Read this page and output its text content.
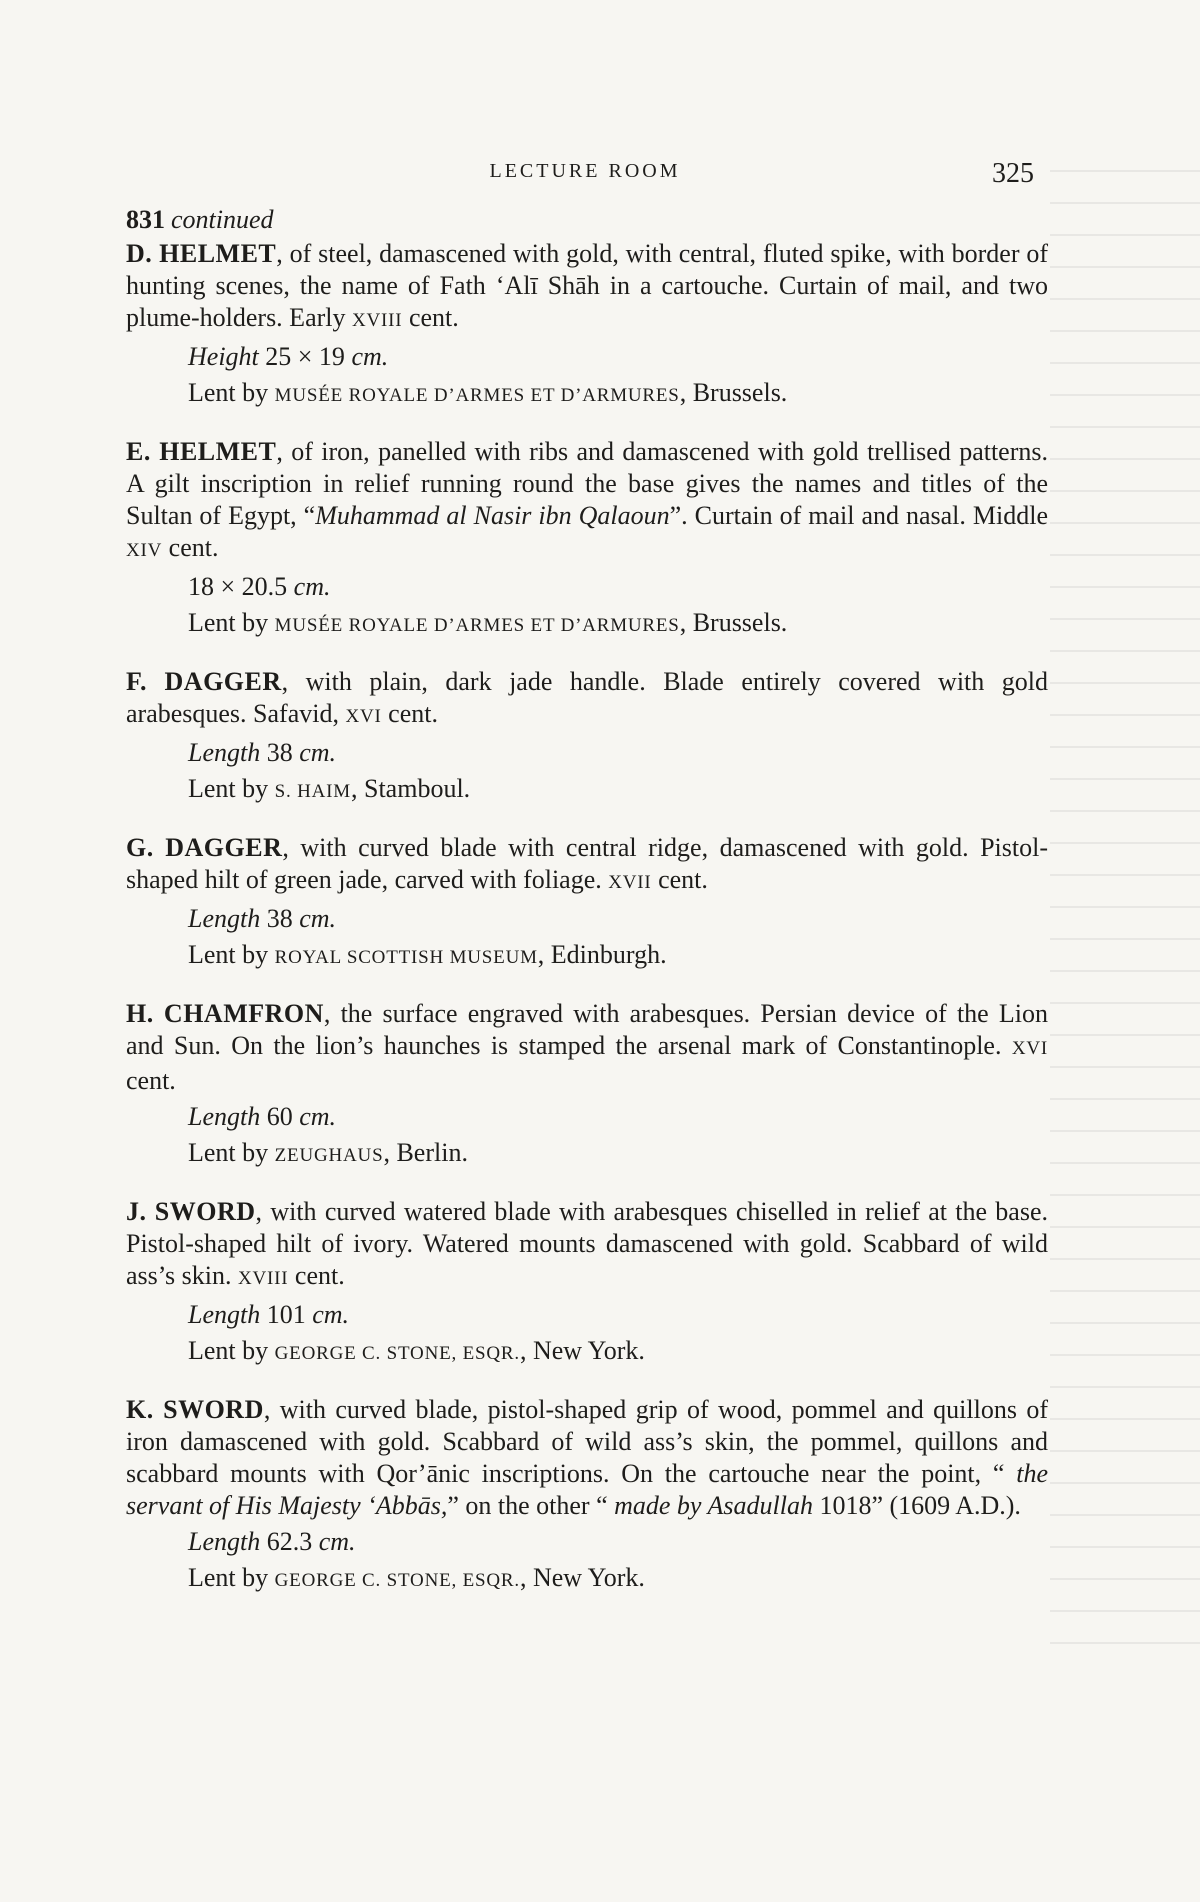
LECTURE ROOM	325
831 continued

D. HELMET, of steel, damascened with gold, with central, fluted spike, with border of hunting scenes, the name of Fath ‘Alī Shāh in a cartouche. Curtain of mail, and two plume-holders. Early XVIII cent.

Height 25 × 19 cm.
Lent by MUSÉE ROYALE D’ARMES ET D’ARMURES, Brussels.

E. HELMET, of iron, panelled with ribs and damascened with gold trellised patterns. A gilt inscription in relief running round the base gives the names and titles of the Sultan of Egypt, “Muhammad al Nasir ibn Qalaoun”. Curtain of mail and nasal. Middle XIV cent.

18 × 20.5 cm.
Lent by MUSÉE ROYALE D’ARMES ET D’ARMURES, Brussels.

F. DAGGER, with plain, dark jade handle. Blade entirely covered with gold arabesques. Safavid, XVI cent.

Length 38 cm.
Lent by S. HAIM, Stamboul.

G. DAGGER, with curved blade with central ridge, damascened with gold. Pistol-shaped hilt of green jade, carved with foliage. XVII cent.

Length 38 cm.
Lent by ROYAL SCOTTISH MUSEUM, Edinburgh.

H. CHAMFRON, the surface engraved with arabesques. Persian device of the Lion and Sun. On the lion’s haunches is stamped the arsenal mark of Constantinople. XVI cent.

Length 60 cm.
Lent by ZEUGHAUS, Berlin.

J. SWORD, with curved watered blade with arabesques chiselled in relief at the base. Pistol-shaped hilt of ivory. Watered mounts damascened with gold. Scabbard of wild ass’s skin. XVIII cent.

Length 101 cm.
Lent by GEORGE C. STONE, ESQR., New York.

K. SWORD, with curved blade, pistol-shaped grip of wood, pommel and quillons of iron damascened with gold. Scabbard of wild ass’s skin, the pommel, quillons and scabbard mounts with Qor’ānic inscriptions. On the cartouche near the point, “ the servant of His Majesty ‘Abbās,” on the other “ made by Asadullah 1018” (1609 A.D.).

Length 62.3 cm.
Lent by GEORGE C. STONE, ESQR., New York.
